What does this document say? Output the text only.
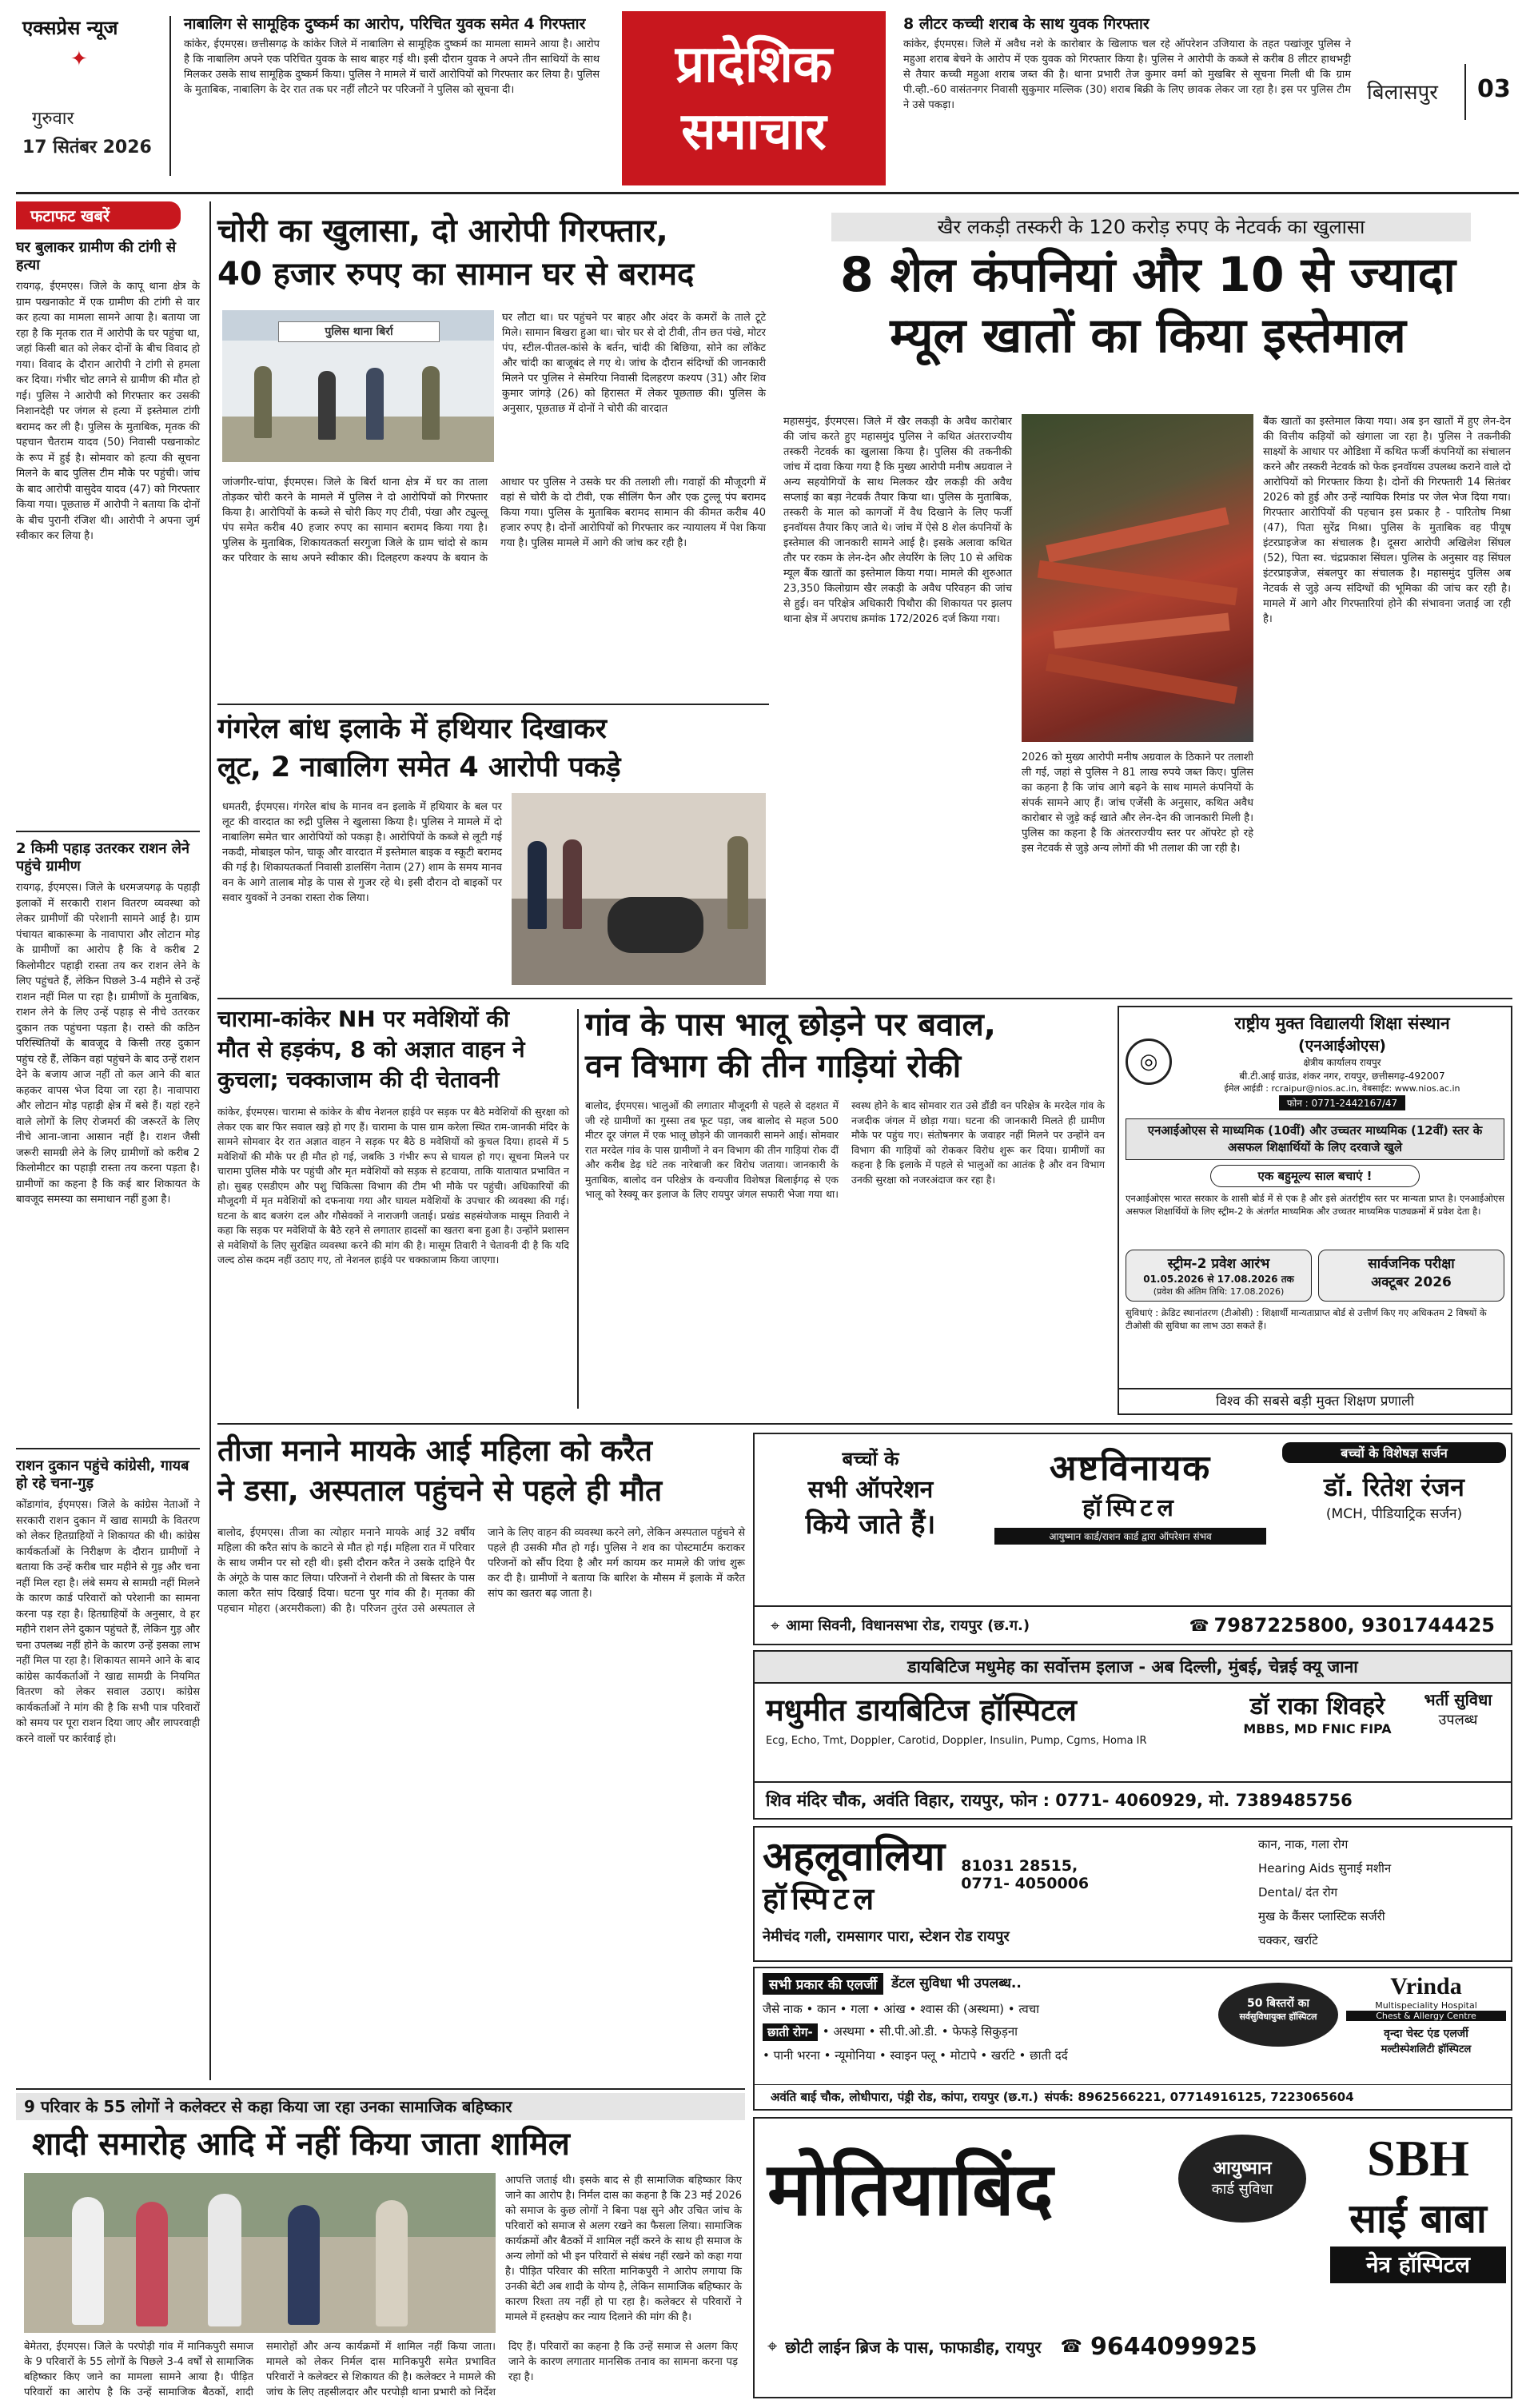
एक्सप्रेस न्यूज
✦
गुरुवार
17 सितंबर 2026
नाबालिग से सामूहिक दुष्कर्म का आरोप, परिचित युवक समेत 4 गिरफ्तार
कांकेर, ईएमएस। छत्तीसगढ़ के कांकेर जिले में नाबालिग से सामूहिक दुष्कर्म का मामला सामने आया है। आरोप है कि नाबालिग अपने एक परिचित युवक के साथ बाहर गई थी। इसी दौरान युवक ने अपने तीन साथियों के साथ मिलकर उसके साथ सामूहिक दुष्कर्म किया। पुलिस ने मामले में चारों आरोपियों को गिरफ्तार कर लिया है। पुलिस के मुताबिक, नाबालिग के देर रात तक घर नहीं लौटने पर परिजनों ने पुलिस को सूचना दी।	प्रादेशिक
समाचार
8 लीटर कच्ची शराब के साथ युवक गिरफ्तार
कांकेर, ईएमएस। जिले में अवैध नशे के कारोबार के खिलाफ चल रहे ऑपरेशन उजियारा के तहत पखांजूर पुलिस ने महुआ शराब बेचने के आरोप में एक युवक को गिरफ्तार किया है। पुलिस ने आरोपी के कब्जे से करीब 8 लीटर हाथभट्टी से तैयार कच्ची महुआ शराब जब्त की है। थाना प्रभारी तेज कुमार वर्मा को मुखबिर से सूचना मिली थी कि ग्राम पी.व्ही.-60 वासंतनगर निवासी सुकुमार मल्लिक (30) शराब बिक्री के लिए छावक लेकर जा रहा है। इस पर पुलिस टीम ने उसे पकड़ा।
बिलासपुर 03
फटाफट खबरें
घर बुलाकर ग्रामीण की टांगी से हत्या
रायगढ़, ईएमएस। जिले के कापू थाना क्षेत्र के ग्राम पखनाकोट में एक ग्रामीण की टांगी से वार कर हत्या का मामला सामने आया है। बताया जा रहा है कि मृतक रात में आरोपी के घर पहुंचा था, जहां किसी बात को लेकर दोनों के बीच विवाद हो गया। विवाद के दौरान आरोपी ने टांगी से हमला कर दिया। गंभीर चोट लगने से ग्रामीण की मौत हो गई। पुलिस ने आरोपी को गिरफ्तार कर उसकी निशानदेही पर जंगल से हत्या में इस्तेमाल टांगी बरामद कर ली है। पुलिस के मुताबिक, मृतक की पहचान चैतराम यादव (50) निवासी पखनाकोट के रूप में हुई है। सोमवार को हत्या की सूचना मिलने के बाद पुलिस टीम मौके पर पहुंची। जांच के बाद आरोपी वासुदेव यादव (47) को गिरफ्तार किया गया। पूछताछ में आरोपी ने बताया कि दोनों के बीच पुरानी रंजिश थी। आरोपी ने अपना जुर्म स्वीकार कर लिया है।
2 किमी पहाड़ उतरकर राशन लेने पहुंचे ग्रामीण
रायगढ़, ईएमएस। जिले के धरमजयगढ़ के पहाड़ी इलाकों में सरकारी राशन वितरण व्यवस्था को लेकर ग्रामीणों की परेशानी सामने आई है। ग्राम पंचायत बाकारूमा के नावापारा और लोटान मोड़ के ग्रामीणों का आरोप है कि वे करीब 2 किलोमीटर पहाड़ी रास्ता तय कर राशन लेने के लिए पहुंचते हैं, लेकिन पिछले 3-4 महीने से उन्हें राशन नहीं मिल पा रहा है। ग्रामीणों के मुताबिक, राशन लेने के लिए उन्हें पहाड़ से नीचे उतरकर दुकान तक पहुंचना पड़ता है। रास्ते की कठिन परिस्थितियों के बावजूद वे किसी तरह दुकान पहुंच रहे हैं, लेकिन वहां पहुंचने के बाद उन्हें राशन देने के बजाय आज नहीं तो कल आने की बात कहकर वापस भेज दिया जा रहा है। नावापारा और लोटान मोड़ पहाड़ी क्षेत्र में बसे हैं। यहां रहने वाले लोगों के लिए रोजमर्रा की जरूरतें के लिए नीचे आना-जाना आसान नहीं है। राशन जैसी जरूरी सामग्री लेने के लिए ग्रामीणों को करीब 2 किलोमीटर का पहाड़ी रास्ता तय करना पड़ता है। ग्रामीणों का कहना है कि कई बार शिकायत के बावजूद समस्या का समाधान नहीं हुआ है।
राशन दुकान पहुंचे कांग्रेसी, गायब हो रहे चना-गुड़
कोंडागांव, ईएमएस। जिले के कांग्रेस नेताओं ने सरकारी राशन दुकान में खाद्य सामग्री के वितरण को लेकर हितग्राहियों ने शिकायत की थी। कांग्रेस कार्यकर्ताओं के निरीक्षण के दौरान ग्रामीणों ने बताया कि उन्हें करीब चार महीने से गुड़ और चना नहीं मिल रहा है। लंबे समय से सामग्री नहीं मिलने के कारण कार्ड परिवारों को परेशानी का सामना करना पड़ रहा है। हितग्राहियों के अनुसार, वे हर महीने राशन लेने दुकान पहुंचते हैं, लेकिन गुड़ और चना उपलब्ध नहीं होने के कारण उन्हें इसका लाभ नहीं मिल पा रहा है। शिकायत सामने आने के बाद कांग्रेस कार्यकर्ताओं ने खाद्य सामग्री के नियमित वितरण को लेकर सवाल उठाए। कांग्रेस कार्यकर्ताओं ने मांग की है कि सभी पात्र परिवारों को समय पर पूरा राशन दिया जाए और लापरवाही करने वालों पर कार्रवाई हो।
चोरी का खुलासा, दो आरोपी गिरफ्तार,
40 हजार रुपए का सामान घर से बरामद
पुलिस थाना बिर्रा
घर लौटा था। घर पहुंचने पर बाहर और अंदर के कमरों के ताले टूटे मिले। सामान बिखरा हुआ था। चोर घर से दो टीवी, तीन छत पंखे, मोटर पंप, स्टील-पीतल-कांसे के बर्तन, चांदी की बिछिया, सोने का लॉकेट और चांदी का बाजूबंद ले गए थे। जांच के दौरान संदिग्धों की जानकारी मिलने पर पुलिस ने सेमरिया निवासी दिलहरण कश्यप (31) और शिव कुमार जांगड़े (26) को हिरासत में लेकर पूछताछ की। पुलिस के अनुसार, पूछताछ में दोनों ने चोरी की वारदात
जांजगीर-चांपा, ईएमएस। जिले के बिर्रा थाना क्षेत्र में घर का ताला तोड़कर चोरी करने के मामले में पुलिस ने दो आरोपियों को गिरफ्तार किया है। आरोपियों के कब्जे से चोरी किए गए टीवी, पंखा और ट्युल्लू पंप समेत करीब 40 हजार रुपए का सामान बरामद किया गया है। पुलिस के मुताबिक, शिकायतकर्ता सरगुजा जिले के ग्राम चांदो से काम कर परिवार के साथ अपने स्वीकार की। दिलहरण कश्यप के बयान के आधार पर पुलिस ने उसके घर की तलाशी ली। गवाहों की मौजूदगी में वहां से चोरी के दो टीवी, एक सीलिंग फैन और एक टुल्लू पंप बरामद किया गया। पुलिस के मुताबिक बरामद सामान की कीमत करीब 40 हजार रुपए है। दोनों आरोपियों को गिरफ्तार कर न्यायालय में पेश किया गया है। पुलिस मामले में आगे की जांच कर रही है।
गंगरेल बांध इलाके में हथियार दिखाकर
लूट, 2 नाबालिग समेत 4 आरोपी पकड़े
धमतरी, ईएमएस। गंगरेल बांध के मानव वन इलाके में हथियार के बल पर लूट की वारदात का रुद्री पुलिस ने खुलासा किया है। पुलिस ने मामले में दो नाबालिग समेत चार आरोपियों को पकड़ा है। आरोपियों के कब्जे से लूटी गई नकदी, मोबाइल फोन, चाकू और वारदात में इस्तेमाल बाइक व स्कूटी बरामद की गई है। शिकायतकर्ता निवासी डालसिंग नेताम (27) शाम के समय मानव वन के आगे तालाब मोड़ के पास से गुजर रहे थे। इसी दौरान दो बाइकों पर सवार युवकों ने उनका रास्ता रोक लिया।
खैर लकड़ी तस्करी के 120 करोड़ रुपए के नेटवर्क का खुलासा
8 शेल कंपनियां और 10 से ज्यादा
म्यूल खातों का किया इस्तेमाल
महासमुंद, ईएमएस। जिले में खैर लकड़ी के अवैध कारोबार की जांच करते हुए महासमुंद पुलिस ने कथित अंतरराज्यीय तस्करी नेटवर्क का खुलासा किया है। पुलिस की तकनीकी जांच में दावा किया गया है कि मुख्य आरोपी मनीष अग्रवाल ने अन्य सहयोगियों के साथ मिलकर खैर लकड़ी की अवैध सप्लाई का बड़ा नेटवर्क तैयार किया था। पुलिस के मुताबिक, तस्करी के माल को कागजों में वैध दिखाने के लिए फर्जी इनवॉयस तैयार किए जाते थे। जांच में ऐसे 8 शेल कंपनियों के इस्तेमाल की जानकारी सामने आई है। इसके अलावा कथित तौर पर रकम के लेन-देन और लेयरिंग के लिए 10 से अधिक म्यूल बैंक खातों का इस्तेमाल किया गया। मामले की शुरुआत 23,350 किलोग्राम खैर लकड़ी के अवैध परिवहन की जांच से हुई। वन परिक्षेत्र अधिकारी पिथौरा की शिकायत पर झलप थाना क्षेत्र में अपराध क्रमांक 172/2026 दर्ज किया गया।
2026 को मुख्य आरोपी मनीष अग्रवाल के ठिकाने पर तलाशी ली गई, जहां से पुलिस ने 81 लाख रुपये जब्त किए। पुलिस का कहना है कि जांच आगे बढ़ने के साथ मामले कंपनियों के संपर्क सामने आए हैं। जांच एजेंसी के अनुसार, कथित अवैध कारोबार से जुड़े कई खाते और लेन-देन की जानकारी मिली है। पुलिस का कहना है कि अंतरराज्यीय स्तर पर ऑपरेट हो रहे इस नेटवर्क से जुड़े अन्य लोगों की भी तलाश की जा रही है।
बैंक खातों का इस्तेमाल किया गया। अब इन खातों में हुए लेन-देन की वित्तीय कड़ियों को खंगाला जा रहा है। पुलिस ने तकनीकी साक्ष्यों के आधार पर ओडिशा में कथित फर्जी कंपनियों का संचालन करने और तस्करी नेटवर्क को फेक इनवॉयस उपलब्ध कराने वाले दो आरोपियों को गिरफ्तार किया है। दोनों की गिरफ्तारी 14 सितंबर 2026 को हुई और उन्हें न्यायिक रिमांड पर जेल भेज दिया गया। गिरफ्तार आरोपियों की पहचान इस प्रकार है - पारितोष मिश्रा (47), पिता सुरेंद्र मिश्रा। पुलिस के मुताबिक वह पीयूष इंटरप्राइजेज का संचालक है। दूसरा आरोपी अखिलेश सिंघल (52), पिता स्व. चंद्रप्रकाश सिंघल। पुलिस के अनुसार वह सिंघल इंटरप्राइजेज, संबलपुर का संचालक है। महासमुंद पुलिस अब नेटवर्क से जुड़े अन्य संदिग्धों की भूमिका की जांच कर रही है। मामले में आगे और गिरफ्तारियां होने की संभावना जताई जा रही है।
चारामा-कांकेर NH पर मवेशियों की
मौत से हड़कंप, 8 को अज्ञात वाहन ने
कुचला; चक्काजाम की दी चेतावनी
कांकेर, ईएमएस। चारामा से कांकेर के बीच नेशनल हाईवे पर सड़क पर बैठे मवेशियों की सुरक्षा को लेकर एक बार फिर सवाल खड़े हो गए हैं। चारामा के पास ग्राम करेला स्थित राम-जानकी मंदिर के सामने सोमवार देर रात अज्ञात वाहन ने सड़क पर बैठे 8 मवेशियों को कुचल दिया। हादसे में 5 मवेशियों की मौके पर ही मौत हो गई, जबकि 3 गंभीर रूप से घायल हो गए। सूचना मिलने पर चारामा पुलिस मौके पर पहुंची और मृत मवेशियों को सड़क से हटवाया, ताकि यातायात प्रभावित न हो। सुबह एसडीएम और पशु चिकित्सा विभाग की टीम भी मौके पर पहुंची। अधिकारियों की मौजूदगी में मृत मवेशियों को दफनाया गया और घायल मवेशियों के उपचार की व्यवस्था की गई। घटना के बाद बजरंग दल और गौसेवकों ने नाराजगी जताई। प्रखंड सहसंयोजक मासूम तिवारी ने कहा कि सड़क पर मवेशियों के बैठे रहने से लगातार हादसों का खतरा बना हुआ है। उन्होंने प्रशासन से मवेशियों के लिए सुरक्षित व्यवस्था करने की मांग की है। मासूम तिवारी ने चेतावनी दी है कि यदि जल्द ठोस कदम नहीं उठाए गए, तो नेशनल हाईवे पर चक्काजाम किया जाएगा।
गांव के पास भालू छोड़ने पर बवाल,
वन विभाग की तीन गाड़ियां रोकी
बालोद, ईएमएस। भालुओं की लगातार मौजूदगी से पहले से दहशत में जी रहे ग्रामीणों का गुस्सा तब फूट पड़ा, जब बालोद से महज 500 मीटर दूर जंगल में एक भालू छोड़ने की जानकारी सामने आई। सोमवार रात मरदेल गांव के पास ग्रामीणों ने वन विभाग की तीन गाड़ियां रोक दीं और करीब डेढ़ घंटे तक नारेबाजी कर विरोध जताया। जानकारी के मुताबिक, बालोद वन परिक्षेत्र के वन्यजीव विशेषज्ञ बिलाईगढ़ से एक भालू को रेस्क्यू कर इलाज के लिए रायपुर जंगल सफारी भेजा गया था। स्वस्थ होने के बाद सोमवार रात उसे डौंडी वन परिक्षेत्र के मरदेल गांव के नजदीक जंगल में छोड़ा गया। घटना की जानकारी मिलते ही ग्रामीण मौके पर पहुंच गए। संतोषनगर के जवाहर नहीं मिलने पर उन्होंने वन विभाग की गाड़ियों को रोककर विरोध शुरू कर दिया। ग्रामीणों का कहना है कि इलाके में पहले से भालुओं का आतंक है और वन विभाग उनकी सुरक्षा को नजरअंदाज कर रहा है।
◎
राष्ट्रीय मुक्त विद्यालयी शिक्षा संस्थान
(एनआईओएस)
क्षेत्रीय कार्यालय रायपुर
बी.टी.आई ग्राउंड, शंकर नगर, रायपुर, छत्तीसगढ़-492007
ईमेल आईडी : rcraipur@nios.ac.in, वेबसाईट: www.nios.ac.in
फोन : 0771-2442167/47
एनआईओएस से माध्यमिक (10वीं) और उच्चतर माध्यमिक (12वीं) स्तर के असफल शिक्षार्थियों के लिए दरवाजे खुले
एक बहुमूल्य साल बचाएं !
एनआईओएस भारत सरकार के शासी बोर्ड में से एक है और इसे अंतर्राष्ट्रीय स्तर पर मान्यता प्राप्त है। एनआईओएस असफल शिक्षार्थियों के लिए स्ट्रीम-2 के अंतर्गत माध्यमिक और उच्चतर माध्यमिक पाठ्यक्रमों में प्रवेश देता है।
स्ट्रीम-2 प्रवेश आरंभ
01.05.2026 से 17.08.2026 तक
(प्रवेश की अंतिम तिथि: 17.08.2026)
सार्वजनिक परीक्षा
अक्टूबर 2026
सुविधाएं : क्रेडिट स्थानांतरण (टीओसी) : शिक्षार्थी मान्यताप्राप्त बोर्ड से उत्तीर्ण किए गए अधिकतम 2 विषयों के टीओसी की सुविधा का लाभ उठा सकते हैं।
विश्व की सबसे बड़ी मुक्त शिक्षण प्रणाली
तीजा मनाने मायके आई महिला को करैत
ने डसा, अस्पताल पहुंचने से पहले ही मौत
बालोद, ईएमएस। तीजा का त्योहार मनाने मायके आई 32 वर्षीय महिला की करैत सांप के काटने से मौत हो गई। महिला रात में परिवार के साथ जमीन पर सो रही थी। इसी दौरान करैत ने उसके दाहिने पैर के अंगूठे के पास काट लिया। परिजनों ने रोशनी की तो बिस्तर के पास काला करैत सांप दिखाई दिया। घटना पुर गांव की है। मृतका की पहचान मोहरा (अरमरीकला) की है। परिजन तुरंत उसे अस्पताल ले जाने के लिए वाहन की व्यवस्था करने लगे, लेकिन अस्पताल पहुंचने से पहले ही उसकी मौत हो गई। पुलिस ने शव का पोस्टमार्टम कराकर परिजनों को सौंप दिया है और मर्ग कायम कर मामले की जांच शुरू कर दी है। ग्रामीणों ने बताया कि बारिश के मौसम में इलाके में करैत सांप का खतरा बढ़ जाता है।
बच्चों के
सभी ऑपरेशन
किये जाते हैं।
अष्टविनायक
हॉस्पिटल
आयुष्मान कार्ड/राशन कार्ड द्वारा ऑपरेशन संभव
बच्चों के विशेषज्ञ सर्जन
डॉ. रितेश रंजन
(MCH, पीडियाट्रिक सर्जन)
⌖ आमा सिवनी, विधानसभा रोड, रायपुर (छ.ग.)	☎ 7987225800, 9301744425
डायबिटिज मधुमेह का सर्वोत्तम इलाज - अब दिल्ली, मुंबई, चेन्नई क्यू जाना
मधुमीत डायबिटिज हॉस्पिटल
Ecg, Echo, Tmt, Doppler, Carotid, Doppler, Insulin, Pump, Cgms, Homa IR
डॉ राका शिवहरे
MBBS, MD FNIC FIPA
भर्ती सुविधा
उपलब्ध
शिव मंदिर चौक, अवंति विहार, रायपुर, फोन : 0771- 4060929, मो. 7389485756
अहलूवालिया
हॉस्पिटल
81031 28515,
0771- 4050006
नेमीचंद गली, रामसागर पारा, स्टेशन रोड रायपुर
कान, नाक, गला रोग
Hearing Aids सुनाई मशीन
Dental/ दंत रोग
मुख के कैंसर प्लास्टिक सर्जरी
चक्कर, खर्राटे
सभी प्रकार की एलर्जी	डेंटल सुविधा भी उपलब्ध..
जैसे नाक • कान • गला • आंख • श्वास की (अस्थमा) • त्वचा
छाती रोग- • अस्थमा • सी.पी.ओ.डी. • फेफड़े सिकुड़ना
• पानी भरना • न्यूमोनिया • स्वाइन फ्लू • मोटापे • खर्राटे • छाती दर्द
50 बिस्तरों का
सर्वसुविधायुक्त हॉस्पिटल
Vrinda
Multispeciality Hospital
Chest & Allergy Centre
वृन्दा चेस्ट एंड एलर्जी
मल्टीस्पेशलिटी हॉस्पिटल
अवंति बाई चौक, लोधीपारा, पंड्री रोड, कांपा, रायपुर (छ.ग.) संपर्क: 8962566221, 07714916125, 7223065604
मोतियाबिंद	आयुष्मान
कार्ड सुविधा
SBH
साईं बाबा
नेत्र हॉस्पिटल
⌖ छोटी लाईन ब्रिज के पास, फाफाडीह, रायपुर ☎ 9644099925
9 परिवार के 55 लोगों ने कलेक्टर से कहा किया जा रहा उनका सामाजिक बहिष्कार
शादी समारोह आदि में नहीं किया जाता शामिल
आपत्ति जताई थी। इसके बाद से ही सामाजिक बहिष्कार किए जाने का आरोप है। निर्मल दास का कहना है कि 23 मई 2026 को समाज के कुछ लोगों ने बिना पक्ष सुने और उचित जांच के परिवारों को समाज से अलग रखने का फैसला लिया। सामाजिक कार्यक्रमों और बैठकों में शामिल नहीं करने के साथ ही समाज के अन्य लोगों को भी इन परिवारों से संबंध नहीं रखने को कहा गया है। पीड़ित परिवार की सरिता मानिकपुरी ने आरोप लगाया कि उनकी बेटी अब शादी के योग्य है, लेकिन सामाजिक बहिष्कार के कारण रिश्ता तय नहीं हो पा रहा है। कलेक्टर से परिवारों ने मामले में हस्तक्षेप कर न्याय दिलाने की मांग की है।
बेमेतरा, ईएमएस। जिले के परपोड़ी गांव में मानिकपुरी समाज के 9 परिवारों के 55 लोगों के पिछले 3-4 वर्षों से सामाजिक बहिष्कार किए जाने का मामला सामने आया है। पीड़ित परिवारों का आरोप है कि उन्हें सामाजिक बैठकों, शादी समारोहों और अन्य कार्यक्रमों में शामिल नहीं किया जाता। मामले को लेकर निर्मल दास मानिकपुरी समेत प्रभावित परिवारों ने कलेक्टर से शिकायत की है। कलेक्टर ने मामले की जांच के लिए तहसीलदार और परपोड़ी थाना प्रभारी को निर्देश दिए हैं। परिवारों का कहना है कि उन्हें समाज से अलग किए जाने के कारण लगातार मानसिक तनाव का सामना करना पड़ रहा है।
